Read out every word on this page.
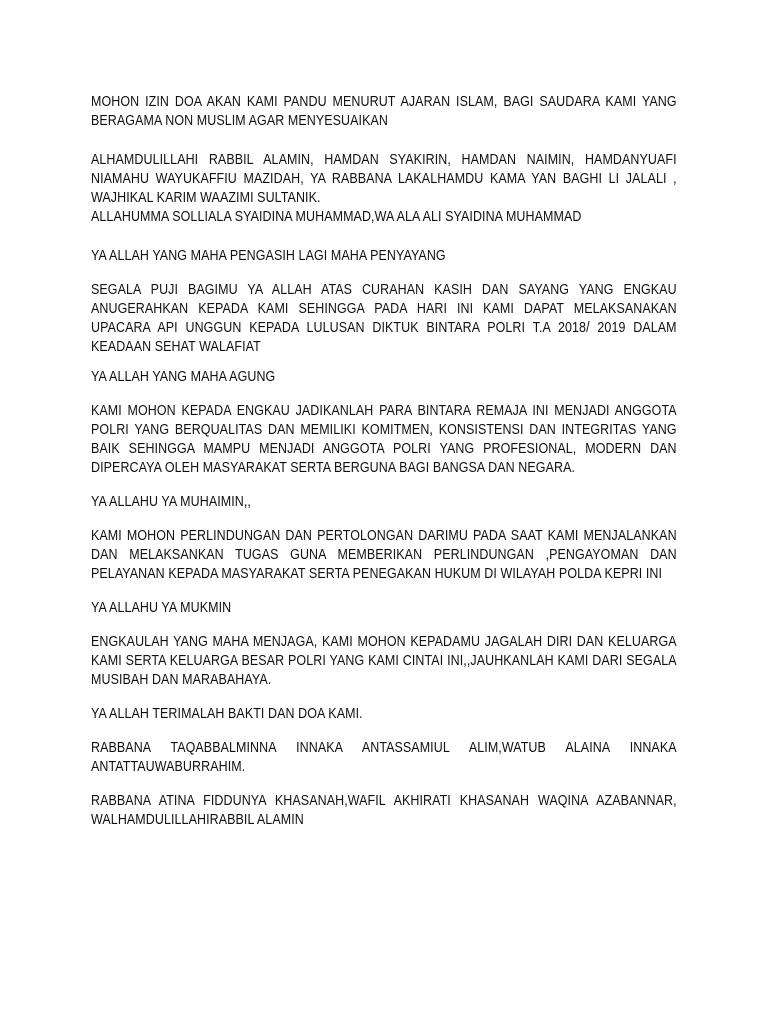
MOHON IZIN DOA AKAN KAMI PANDU MENURUT AJARAN ISLAM, BAGI SAUDARA KAMI YANG BERAGAMA NON MUSLIM AGAR MENYESUAIKAN

ALHAMDULILLAHI RABBIL ALAMIN, HAMDAN SYAKIRIN, HAMDAN NAIMIN, HAMDANYUAFI NIAMAHU WAYUKAFFIU MAZIDAH, YA RABBANA LAKALHAMDU KAMA YAN BAGHI LI JALALI , WAJHIKAL KARIM WAAZIMI SULTANIK.

ALLAHUMMA SOLLIALA SYAIDINA MUHAMMAD,WA ALA ALI SYAIDINA MUHAMMAD

YA ALLAH YANG MAHA PENGASIH LAGI MAHA PENYAYANG

SEGALA PUJI BAGIMU YA ALLAH ATAS CURAHAN KASIH DAN SAYANG YANG ENGKAU ANUGERAHKAN KEPADA KAMI SEHINGGA PADA HARI INI KAMI DAPAT MELAKSANAKAN UPACARA API UNGGUN KEPADA LULUSAN DIKTUK BINTARA POLRI T.A 2018/ 2019 DALAM KEADAAN SEHAT WALAFIAT

YA ALLAH YANG MAHA AGUNG

KAMI MOHON KEPADA ENGKAU JADIKANLAH PARA BINTARA REMAJA INI MENJADI ANGGOTA POLRI YANG BERQUALITAS DAN MEMILIKI KOMITMEN, KONSISTENSI DAN INTEGRITAS YANG BAIK SEHINGGA MAMPU MENJADI ANGGOTA POLRI YANG PROFESIONAL, MODERN DAN DIPERCAYA OLEH MASYARAKAT SERTA BERGUNA BAGI BANGSA DAN NEGARA.

YA ALLAHU YA MUHAIMIN,,

KAMI MOHON PERLINDUNGAN DAN PERTOLONGAN DARIMU PADA SAAT KAMI MENJALANKAN DAN MELAKSANKAN TUGAS GUNA MEMBERIKAN PERLINDUNGAN ,PENGAYOMAN DAN PELAYANAN KEPADA MASYARAKAT SERTA PENEGAKAN HUKUM DI WILAYAH POLDA KEPRI INI

YA ALLAHU YA MUKMIN

ENGKAULAH YANG MAHA MENJAGA, KAMI MOHON KEPADAMU JAGALAH DIRI DAN KELUARGA KAMI SERTA KELUARGA BESAR POLRI YANG KAMI CINTAI INI,,JAUHKANLAH KAMI DARI SEGALA MUSIBAH DAN MARABAHAYA.

YA ALLAH TERIMALAH BAKTI DAN DOA KAMI.

RABBANA TAQABBALMINNA INNAKA ANTASSAMIUL ALIM,WATUB ALAINA INNAKA ANTATTAUWABURRAHIM.

RABBANA ATINA FIDDUNYA KHASANAH,WAFIL AKHIRATI KHASANAH WAQINA AZABANNAR, WALHAMDULILLAHIRABBIL ALAMIN
